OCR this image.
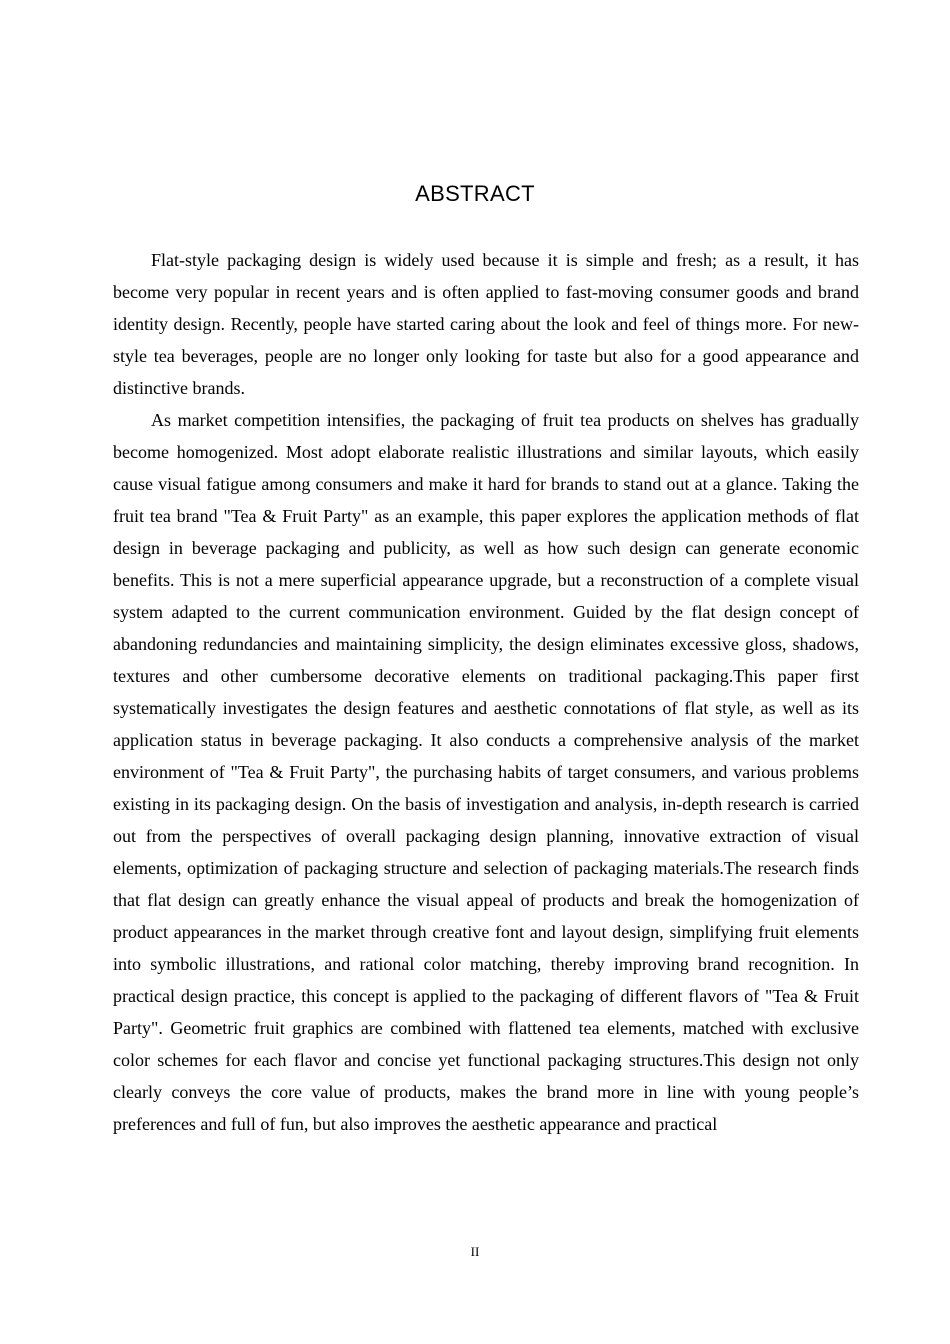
ABSTRACT

Flat-style packaging design is widely used because it is simple and fresh; as a result, it has become very popular in recent years and is often applied to fast-moving consumer goods and brand identity design. Recently, people have started caring about the look and feel of things more. For new-style tea beverages, people are no longer only looking for taste but also for a good appearance and distinctive brands.

As market competition intensifies, the packaging of fruit tea products on shelves has gradually become homogenized. Most adopt elaborate realistic illustrations and similar layouts, which easily cause visual fatigue among consumers and make it hard for brands to stand out at a glance. Taking the fruit tea brand "Tea & Fruit Party" as an example, this paper explores the application methods of flat design in beverage packaging and publicity, as well as how such design can generate economic benefits. This is not a mere superficial appearance upgrade, but a reconstruction of a complete visual system adapted to the current communication environment. Guided by the flat design concept of abandoning redundancies and maintaining simplicity, the design eliminates excessive gloss, shadows, textures and other cumbersome decorative elements on traditional packaging.This paper first systematically investigates the design features and aesthetic connotations of flat style, as well as its application status in beverage packaging. It also conducts a comprehensive analysis of the market environment of "Tea & Fruit Party", the purchasing habits of target consumers, and various problems existing in its packaging design. On the basis of investigation and analysis, in-depth research is carried out from the perspectives of overall packaging design planning, innovative extraction of visual elements, optimization of packaging structure and selection of packaging materials.The research finds that flat design can greatly enhance the visual appeal of products and break the homogenization of product appearances in the market through creative font and layout design, simplifying fruit elements into symbolic illustrations, and rational color matching, thereby improving brand recognition. In practical design practice, this concept is applied to the packaging of different flavors of "Tea & Fruit Party". Geometric fruit graphics are combined with flattened tea elements, matched with exclusive color schemes for each flavor and concise yet functional packaging structures.This design not only clearly conveys the core value of products, makes the brand more in line with young people’s preferences and full of fun, but also improves the aesthetic appearance and practical

II
